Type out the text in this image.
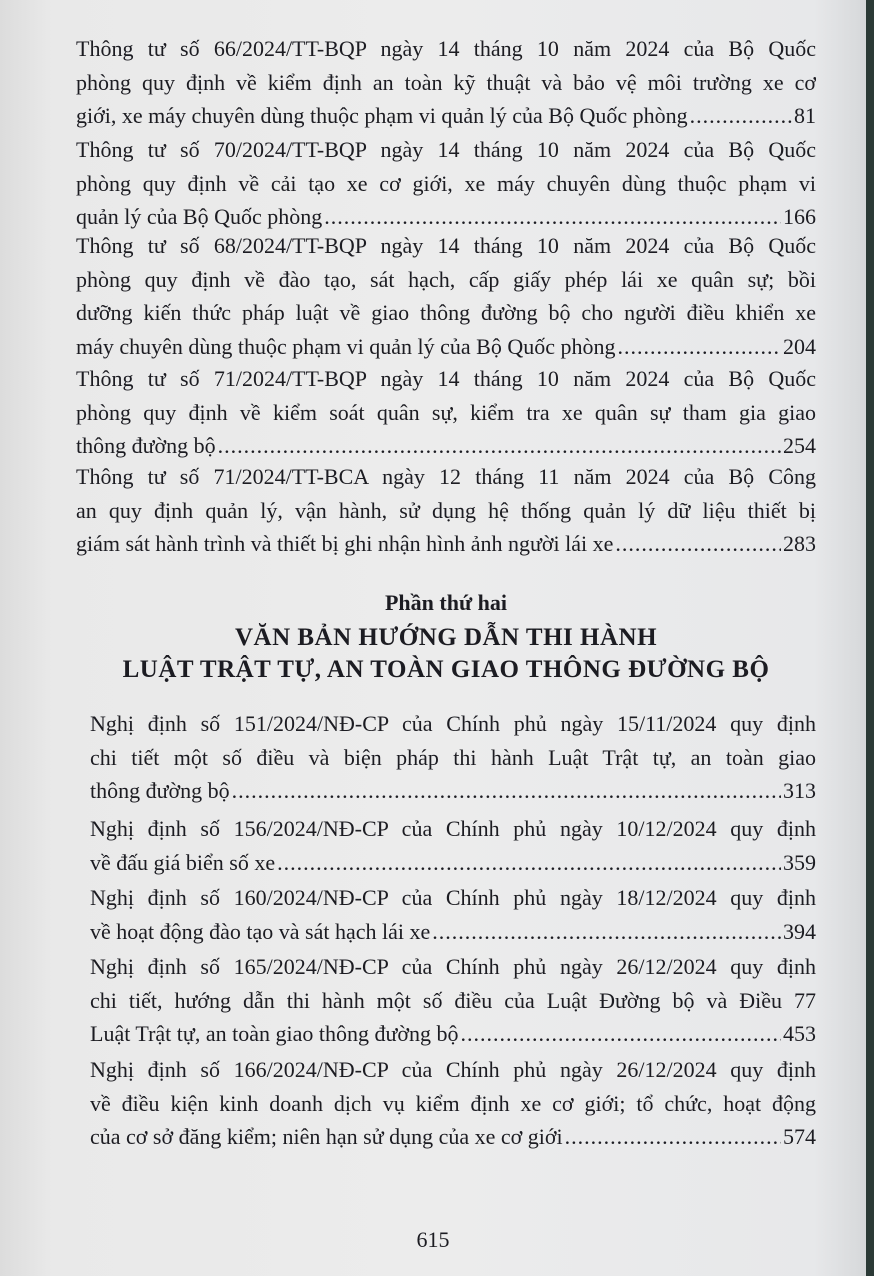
Thông tư số 66/2024/TT-BQP ngày 14 tháng 10 năm 2024 của Bộ Quốc
phòng quy định về kiểm định an toàn kỹ thuật và bảo vệ môi trường xe cơ
giới, xe máy chuyên dùng thuộc phạm vi quản lý của Bộ Quốc phòng .....	81
Thông tư số 70/2024/TT-BQP ngày 14 tháng 10 năm 2024 của Bộ Quốc
phòng quy định về cải tạo xe cơ giới, xe máy chuyên dùng thuộc phạm vi
quản lý của Bộ Quốc phòng .....	166
Thông tư số 68/2024/TT-BQP ngày 14 tháng 10 năm 2024 của Bộ Quốc
phòng quy định về đào tạo, sát hạch, cấp giấy phép lái xe quân sự; bồi
dưỡng kiến thức pháp luật về giao thông đường bộ cho người điều khiển xe
máy chuyên dùng thuộc phạm vi quản lý của Bộ Quốc phòng .....	204
Thông tư số 71/2024/TT-BQP ngày 14 tháng 10 năm 2024 của Bộ Quốc
phòng quy định về kiểm soát quân sự, kiểm tra xe quân sự tham gia giao
thông đường bộ .....	254
Thông tư số 71/2024/TT-BCA ngày 12 tháng 11 năm 2024 của Bộ Công
an quy định quản lý, vận hành, sử dụng hệ thống quản lý dữ liệu thiết bị
giám sát hành trình và thiết bị ghi nhận hình ảnh người lái xe .....	283
Phần thứ hai
VĂN BẢN HƯỚNG DẪN THI HÀNH
LUẬT TRẬT TỰ, AN TOÀN GIAO THÔNG ĐƯỜNG BỘ
Nghị định số 151/2024/NĐ-CP của Chính phủ ngày 15/11/2024 quy định
chi tiết một số điều và biện pháp thi hành Luật Trật tự, an toàn giao
thông đường bộ .....	313
Nghị định số 156/2024/NĐ-CP của Chính phủ ngày 10/12/2024 quy định
về đấu giá biển số xe .....	359
Nghị định số 160/2024/NĐ-CP của Chính phủ ngày 18/12/2024 quy định
về hoạt động đào tạo và sát hạch lái xe .....	394
Nghị định số 165/2024/NĐ-CP của Chính phủ ngày 26/12/2024 quy định
chi tiết, hướng dẫn thi hành một số điều của Luật Đường bộ và Điều 77
Luật Trật tự, an toàn giao thông đường bộ .....	453
Nghị định số 166/2024/NĐ-CP của Chính phủ ngày 26/12/2024 quy định
về điều kiện kinh doanh dịch vụ kiểm định xe cơ giới; tổ chức, hoạt động
của cơ sở đăng kiểm; niên hạn sử dụng của xe cơ giới .....	574
615
